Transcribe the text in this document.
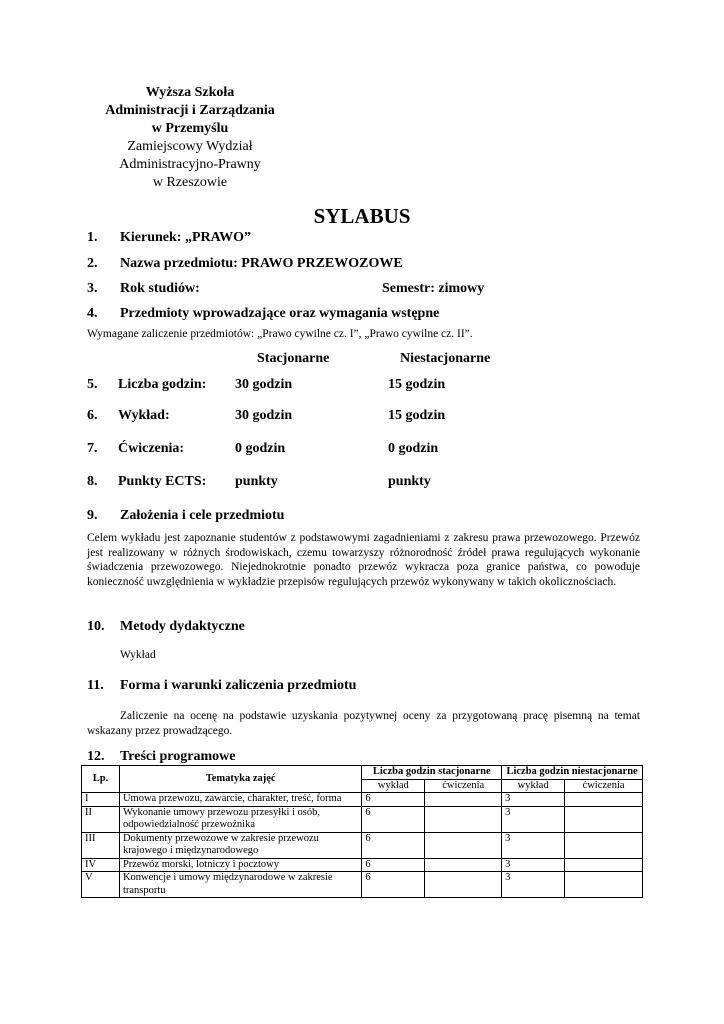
Wyższa Szkoła
Administracji i Zarządzania
w Przemyślu
Zamiejscowy Wydział
Administracyjno-Prawny
w Rzeszowie
SYLABUS
1. Kierunek: „PRAWO”
2. Nazwa przedmiotu: PRAWO PRZEWOZOWE
3. Rok studiów:	Semestr: zimowy
4. Przedmioty wprowadzające oraz wymagania wstępne
Wymagane zaliczenie przedmiotów: „Prawo cywilne cz. I”, „Prawo cywilne cz. II”.
Stacjonarne	Niestacjonarne
5. Liczba godzin: 30 godzin	15 godzin
6. Wykład:	30 godzin	15 godzin
7. Ćwiczenia:	0 godzin	0 godzin
8. Punkty ECTS: punkty	punkty
9. Założenia i cele przedmiotu
Celem wykładu jest zapoznanie studentów z podstawowymi zagadnieniami z zakresu prawa przewozowego. Przewóz jest realizowany w różnych środowiskach, czemu towarzyszy różnorodność źródeł prawa regulujących wykonanie świadczenia przewozowego. Niejednokrotnie ponadto przewóz wykracza poza granice państwa, co powoduje konieczność uwzględnienia w wykładzie przepisów regulujących przewóz wykonywany w takich okolicznościach.
10. Metody dydaktyczne
Wykład
11. Forma i warunki zaliczenia przedmiotu
Zaliczenie na ocenę na podstawie uzyskania pozytywnej oceny za przygotowaną pracę pisemną na temat wskazany przez prowadzącego.
12. Treści programowe
Lp.	Tematyka zajęć	Liczba godzin stacjonarne		Liczba godzin niestacjonarne	
		wykład	ćwiczenia	wykład	ćwiczenia
I	Umowa przewozu, zawarcie, charakter, treść, forma	6		3	
II	Wykonanie umowy przewozu przesyłki i osób, odpowiedzialność przewoźnika	6		3	
III	Dokumenty przewozowe w zakresie przewozu krajowego i międzynarodowego	6		3	
IV	Przewóz morski, lotniczy i pocztowy	6		3	
V	Konwencje i umowy międzynarodowe w zakresie transportu	6		3	
